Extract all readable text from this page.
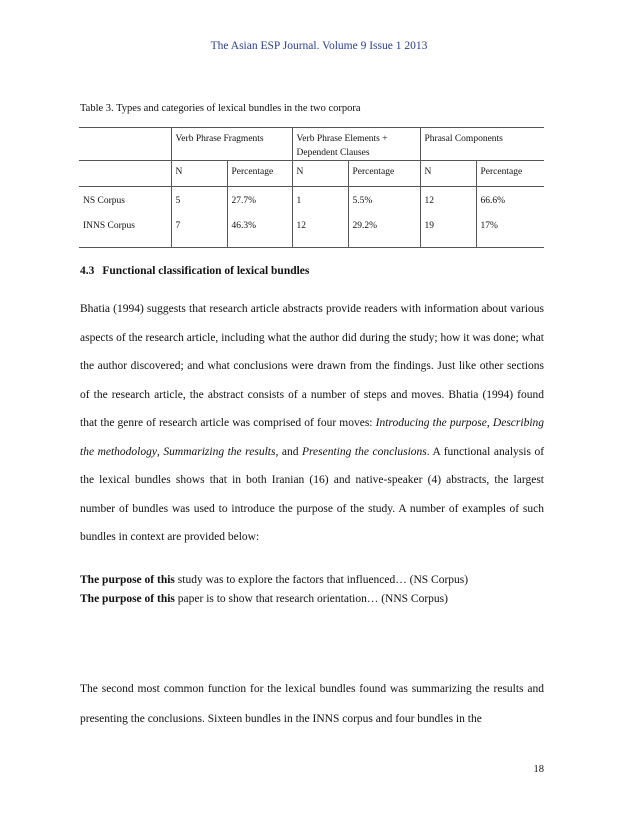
The Asian ESP Journal. Volume 9 Issue 1 2013
Table 3. Types and categories of lexical bundles in the two corpora
	Verb Phrase Fragments		Verb Phrase Elements + Dependent Clauses		Phrasal Components	
	N	Percentage	N	Percentage	N	Percentage

NS Corpus	5	27.7%	1	5.5%	12	66.6%
INNS Corpus	7	46.3%	12	29.2%	19	17%
4.3 Functional classification of lexical bundles
Bhatia (1994) suggests that research article abstracts provide readers with information about various aspects of the research article, including what the author did during the study; how it was done; what the author discovered; and what conclusions were drawn from the findings. Just like other sections of the research article, the abstract consists of a number of steps and moves. Bhatia (1994) found that the genre of research article was comprised of four moves: Introducing the purpose, Describing the methodology, Summarizing the results, and Presenting the conclusions. A functional analysis of the lexical bundles shows that in both Iranian (16) and native-speaker (4) abstracts, the largest number of bundles was used to introduce the purpose of the study. A number of examples of such bundles in context are provided below:
The purpose of this study was to explore the factors that influenced… (NS Corpus)
The purpose of this paper is to show that research orientation… (NNS Corpus)
The second most common function for the lexical bundles found was summarizing the results and presenting the conclusions. Sixteen bundles in the INNS corpus and four bundles in the
18
